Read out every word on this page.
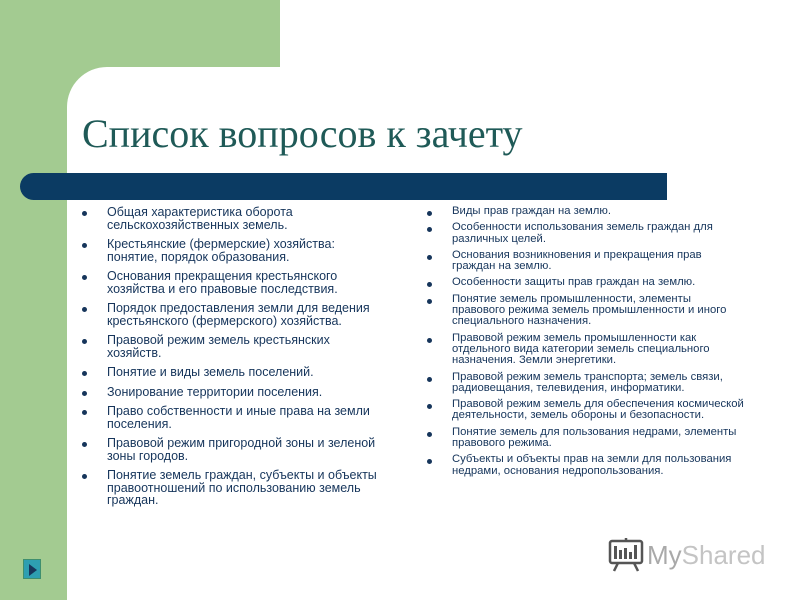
Список вопросов к зачету
Общая характеристика оборота сельскохозяйственных земель.
Крестьянские (фермерские) хозяйства: понятие, порядок образования.
Основания прекращения крестьянского хозяйства и его правовые последствия.
Порядок предоставления земли для ведения крестьянского (фермерского) хозяйства.
Правовой режим земель крестьянских хозяйств.
Понятие и виды земель поселений.
Зонирование территории поселения.
Право собственности и иные права на земли поселения.
Правовой режим пригородной зоны и зеленой зоны городов.
Понятие земель граждан, субъекты и объекты правоотношений по использованию земель граждан.
Виды прав граждан на землю.
Особенности использования земель граждан для различных целей.
Основания возникновения и прекращения прав граждан на землю.
Особенности защиты прав граждан на землю.
Понятие земель промышленности, элементы правового режима земель промышленности и иного специального назначения.
Правовой режим земель промышленности как отдельного вида категории земель специального назначения. Земли энергетики.
Правовой режим земель транспорта; земель связи, радиовещания, телевидения, информатики.
Правовой режим земель для обеспечения космической деятельности, земель обороны и безопасности.
Понятие земель для пользования недрами, элементы правового режима.
Субъекты и объекты прав на земли для пользования недрами, основания недропользования.
MyShared
